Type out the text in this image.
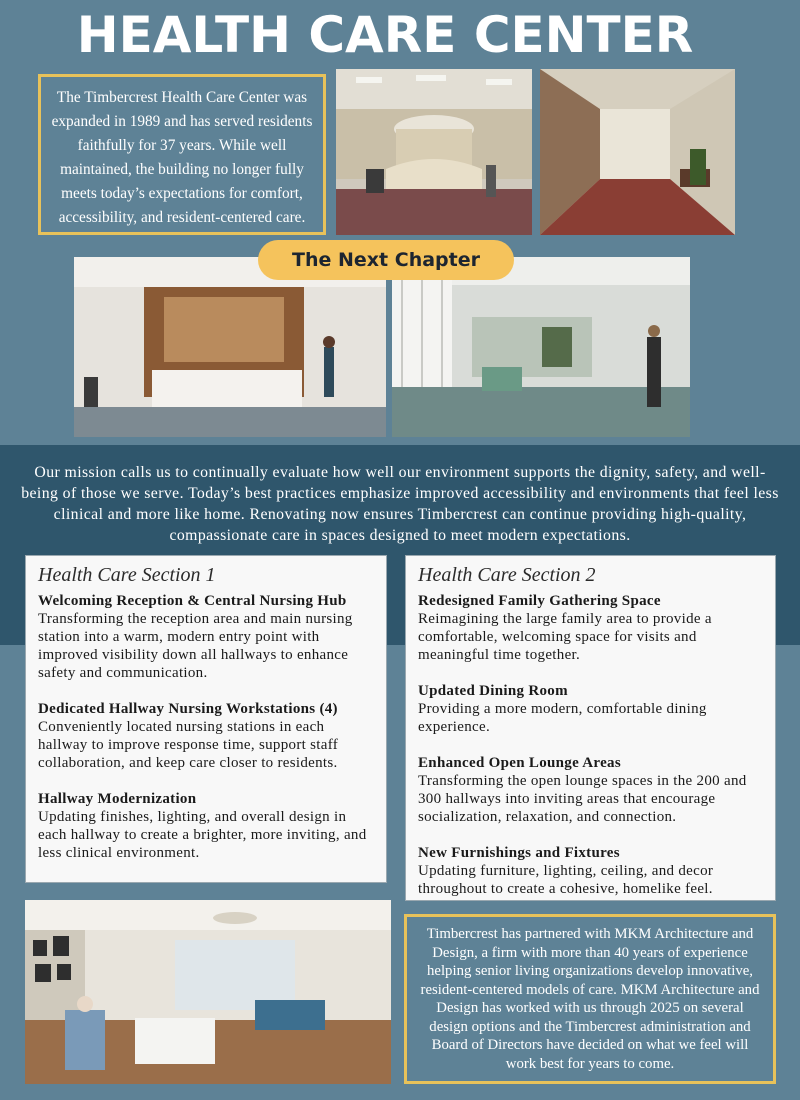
HEALTH CARE CENTER
The Timbercrest Health Care Center was expanded in 1989 and has served residents faithfully for 37 years. While well maintained, the building no longer fully meets today’s expectations for comfort, accessibility, and resident-centered care.
The Next Chapter

Our mission calls us to continually evaluate how well our environment supports the dignity, safety, and well-being of those we serve. Today’s best practices emphasize improved accessibility and environments that feel less clinical and more like home. Renovating now ensures Timbercrest can continue providing high-quality, compassionate care in spaces designed to meet modern expectations.

Health Care Section 1
Welcoming Reception & Central Nursing Hub
Transforming the reception area and main nursing station into a warm, modern entry point with improved visibility down all hallways to enhance safety and communication.
Dedicated Hallway Nursing Workstations (4)
Conveniently located nursing stations in each hallway to improve response time, support staff collaboration, and keep care closer to residents.
Hallway Modernization
Updating finishes, lighting, and overall design in each hallway to create a brighter, more inviting, and less clinical environment.
Health Care Section 2
Redesigned Family Gathering Space
Reimagining the large family area to provide a comfortable, welcoming space for visits and meaningful time together.
Updated Dining Room
Providing a more modern, comfortable dining experience.
Enhanced Open Lounge Areas
Transforming the open lounge spaces in the 200 and 300 hallways into inviting areas that encourage socialization, relaxation, and connection.
New Furnishings and Fixtures
Updating furniture, lighting, ceiling, and decor throughout to create a cohesive, homelike feel.
Timbercrest has partnered with MKM Architecture and Design, a firm with more than 40 years of experience helping senior living organizations develop innovative, resident-centered models of care. MKM Architecture and Design has worked with us through 2025 on several design options and the Timbercrest administration and Board of Directors have decided on what we feel will work best for years to come.
